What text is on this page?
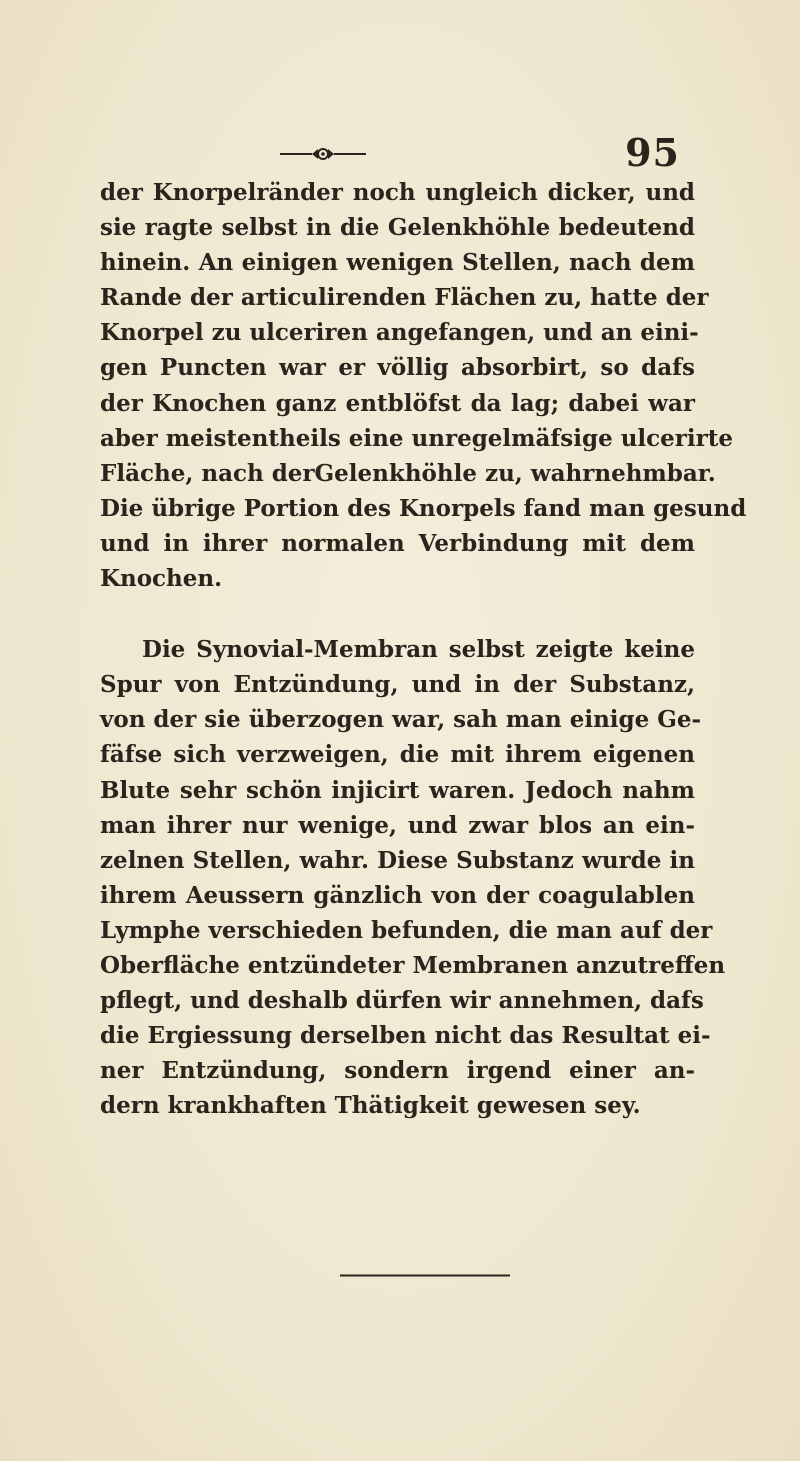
95
der Knorpelränder noch ungleich dicker, und
sie ragte selbst in die Gelenkhöhle bedeutend
hinein. An einigen wenigen Stellen, nach dem
Rande der articulirenden Flächen zu, hatte der
Knorpel zu ulceriren angefangen, und an eini-
gen Puncten war er völlig absorbirt, so dafs
der Knochen ganz entblöfst da lag; dabei war
aber meistentheils eine unregelmäfsige ulcerirte
Fläche, nach derGelenkhöhle zu, wahrnehmbar.
Die übrige Portion des Knorpels fand man gesund
und in ihrer normalen Verbindung mit dem
Knochen.
Die Synovial-Membran selbst zeigte keine
Spur von Entzündung, und in der Substanz,
von der sie überzogen war, sah man einige Ge-
fäfse sich verzweigen, die mit ihrem eigenen
Blute sehr schön injicirt waren. Jedoch nahm
man ihrer nur wenige, und zwar blos an ein-
zelnen Stellen, wahr. Diese Substanz wurde in
ihrem Aeussern gänzlich von der coagulablen
Lymphe verschieden befunden, die man auf der
Oberfläche entzündeter Membranen anzutreffen
pflegt, und deshalb dürfen wir annehmen, dafs
die Ergiessung derselben nicht das Resultat ei-
ner Entzündung, sondern irgend einer an-
dern krankhaften Thätigkeit gewesen sey.
